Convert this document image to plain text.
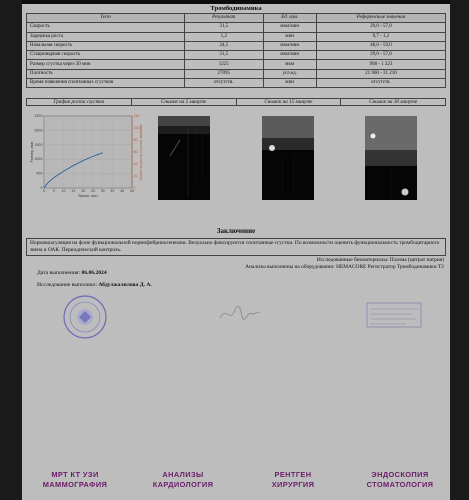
Тромбодинамика
Тест	Результат	Ед. изм.	Референсные значения
Скорость	31,5	мкм/мин	29,0 - 57,0
Задержка роста	1,2	мин	0,7 - 1,2
Начальная скорость	34,5	мкм/мин	48,0 - 59,0
Стационарная скорость	31,5	мкм/мин	29,0 - 57,0
Размер сгустка через 30 мин	1225	мкм	908 - 1 323
Плотность	27095	усл.ед.	21 960 - 31 210
Время появления спонтанных сгустков	отсутств.	мин	отсутств.
График роста сгустка	Снимок на 5 минуте	Снимок на 15 минуте	Снимок на 30 минуте
0
500
1000
1500
2000
2500
0
20
40
60
80
100
120
0 5 10 15 20 25 30 35 40 45
Время, мин
Размер, мкм	Скорость роста сгустка, мкм/мин
Заключение
Нормокоагуляция на фоне функциональной нормофибриногенемии. Визуально фиксируются спонтанные сгустки. По возможности оценить функциональность тромбоцитарного звена и ОАК. Периодический контроль.
Исследованные биоматериалы: Плазма (цитрат натрия)
Анализы выполнены на оборудовании: HEMACORE Регистратор Тромбодинамики Т2
Дата выполнения: 06.06.2024
Исследование выполнил: Абдулжалилова Д. А.
МРТ КТ УЗИ
МАММОГРАФИЯ
АНАЛИЗЫ
КАРДИОЛОГИЯ
РЕНТГЕН
ХИРУРГИЯ
ЭНДОСКОПИЯ
СТОМАТОЛОГИЯ
